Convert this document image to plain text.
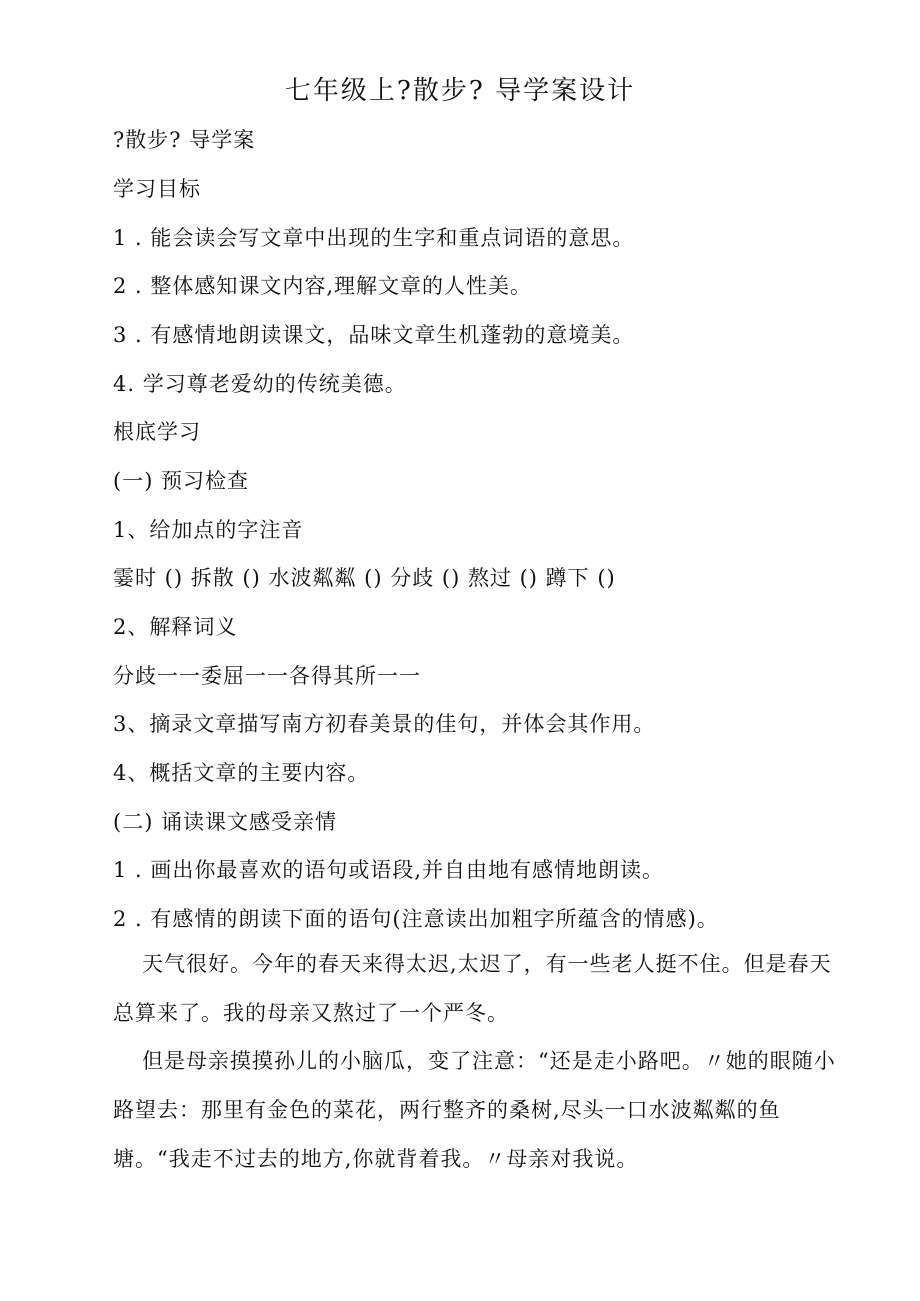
七年级上?散步? 导学案设计
?散步? 导学案
学习目标
1 . 能会读会写文章中出现的生字和重点词语的意思。
2 . 整体感知课文内容,理解文章的人性美。
3 . 有感情地朗读课文，品味文章生机蓬勃的意境美。
4. 学习尊老爱幼的传统美德。
根底学习
(一) 预习检查
1、给加点的字注音
霎时 () 拆散 () 水波粼粼 () 分歧 () 熬过 () 蹲下 ()
2、解释词义
分歧一一委屈一一各得其所一一
3、摘录文章描写南方初春美景的佳句，并体会其作用。
4、概括文章的主要内容。
(二) 诵读课文感受亲情
1 . 画出你最喜欢的语句或语段,并自由地有感情地朗读。
2 . 有感情的朗读下面的语句(注意读出加粗字所蕴含的情感)。
天气很好。今年的春天来得太迟,太迟了，有一些老人挺不住。但是春天总算来了。我的母亲又熬过了一个严冬。
但是母亲摸摸孙儿的小脑瓜，变了注意：“还是走小路吧。〃她的眼随小路望去：那里有金色的菜花，两行整齐的桑树,尽头一口水波粼粼的鱼塘。“我走不过去的地方,你就背着我。〃母亲对我说。
